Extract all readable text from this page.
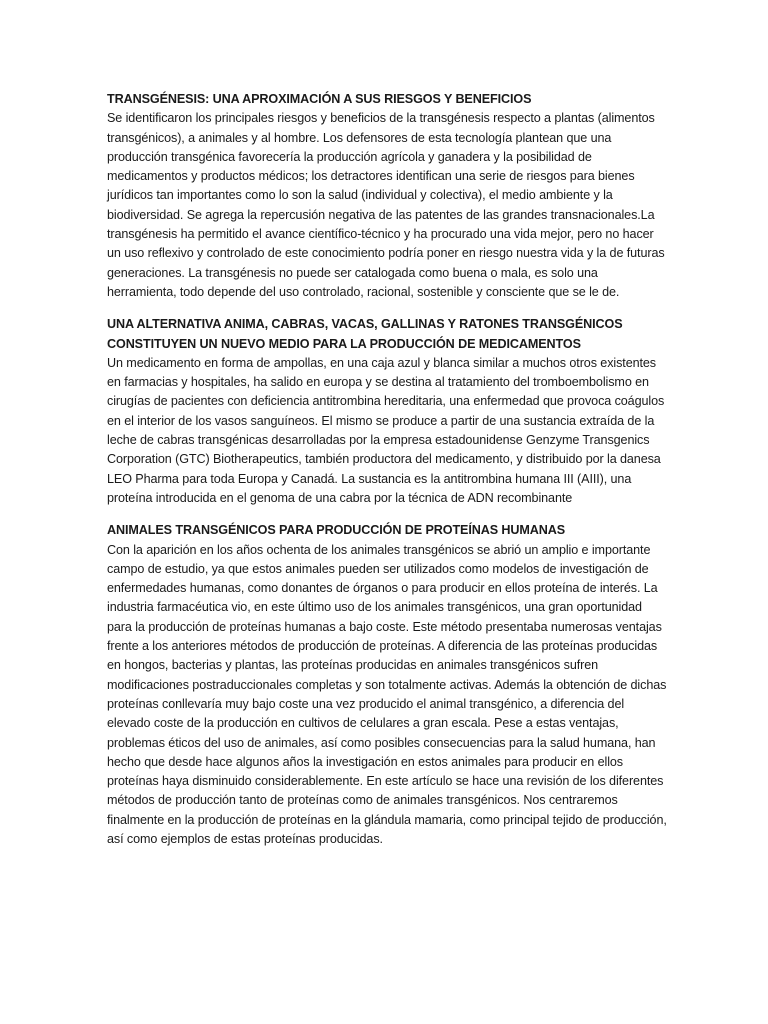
TRANSGÉNESIS: UNA APROXIMACIÓN A SUS RIESGOS Y BENEFICIOS

Se identificaron los principales riesgos y beneficios de la transgénesis respecto a plantas (alimentos transgénicos), a animales y al hombre. Los defensores de esta tecnología plantean que una producción transgénica favorecería la producción agrícola y ganadera y la posibilidad de medicamentos y productos médicos; los detractores identifican una serie de riesgos para bienes jurídicos tan importantes como lo son la salud (individual y colectiva), el medio ambiente y la biodiversidad. Se agrega la repercusión negativa de las patentes de las grandes transnacionales.La transgénesis ha permitido el avance científico-técnico y ha procurado una vida mejor, pero no hacer un uso reflexivo y controlado de este conocimiento podría poner en riesgo nuestra vida y la de futuras generaciones. La transgénesis no puede ser catalogada como buena o mala, es solo una herramienta, todo depende del uso controlado, racional, sostenible y consciente que se le de.

UNA ALTERNATIVA ANIMA, CABRAS, VACAS, GALLINAS Y RATONES TRANSGÉNICOS CONSTITUYEN UN NUEVO MEDIO PARA LA PRODUCCIÓN DE MEDICAMENTOS

Un medicamento en forma de ampollas, en una caja azul y blanca similar a muchos otros existentes en farmacias y hospitales, ha salido en europa y se destina al tratamiento del tromboembolismo en cirugías de pacientes con deficiencia antitrombina hereditaria, una enfermedad que provoca coágulos en el interior de los vasos sanguíneos. El mismo se produce a partir de una sustancia extraída de la leche de cabras transgénicas desarrolladas por la empresa estadounidense Genzyme Transgenics Corporation (GTC) Biotherapeutics, también productora del medicamento, y distribuido por la danesa LEO Pharma para toda Europa y Canadá. La sustancia es la antitrombina humana III (AIII), una proteína introducida en el genoma de una cabra por la técnica de ADN recombinante

ANIMALES TRANSGÉNICOS PARA PRODUCCIÓN DE PROTEÍNAS HUMANAS

Con la aparición en los años ochenta de los animales transgénicos se abrió un amplio e importante campo de estudio, ya que estos animales pueden ser utilizados como modelos de investigación de enfermedades humanas, como donantes de órganos o para producir en ellos proteína de interés. La industria farmacéutica vio, en este último uso de los animales transgénicos, una gran oportunidad para la producción de proteínas humanas a bajo coste. Este método presentaba numerosas ventajas frente a los anteriores métodos de producción de proteínas. A diferencia de las proteínas producidas en hongos, bacterias y plantas, las proteínas producidas en animales transgénicos sufren modificaciones postraduccionales completas y son totalmente activas. Además la obtención de dichas proteínas conllevaría muy bajo coste una vez producido el animal transgénico, a diferencia del elevado coste de la producción en cultivos de celulares a gran escala. Pese a estas ventajas, problemas éticos del uso de animales, así como posibles consecuencias para la salud humana, han hecho que desde hace algunos años la investigación en estos animales para producir en ellos proteínas haya disminuido considerablemente. En este artículo se hace una revisión de los diferentes métodos de producción tanto de proteínas como de animales transgénicos. Nos centraremos finalmente en la producción de proteínas en la glándula mamaria, como principal tejido de producción, así como ejemplos de estas proteínas producidas.
